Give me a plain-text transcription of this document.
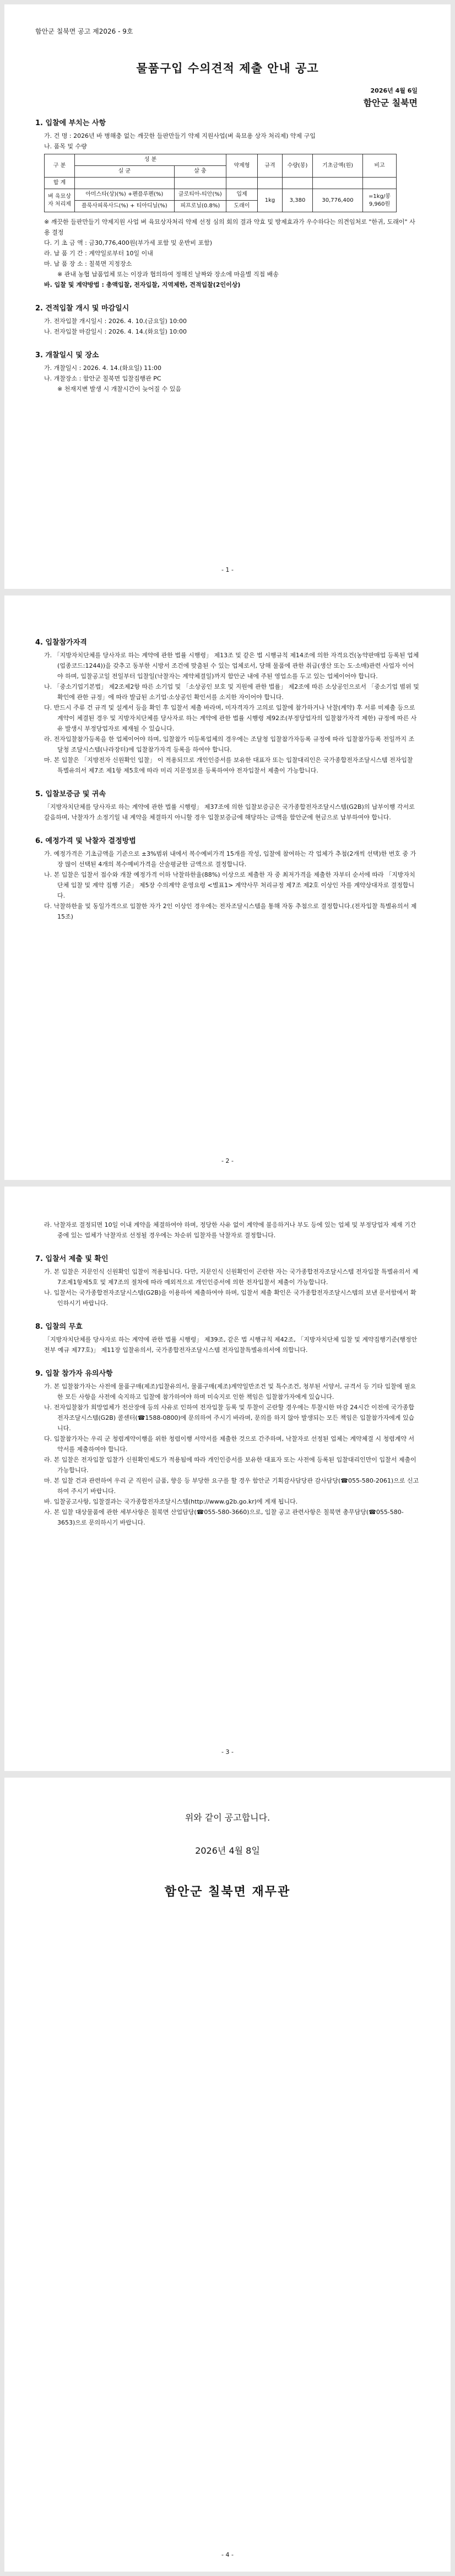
함안군 칠북면 공고 제2026 - 9호
물품구입 수의견적 제출 안내 공고
2026년 4월 6일
함안군 칠북면
1. 입찰에 부치는 사항

가. 건 명 : 2026년 바 병해충 없는 깨끗한 들판만들기 약제 지원사업(벼 육묘용 상자 처리제) 약제 구입

나. 품목 및 수량

구 분	성 분		약제형	규격	수량(봉)	기초금액(원)	비고
	실 균	살 충					
합 계							
벼 육묘상자 처리제	아미스타(상)(%) +펜플루펜(%)	클로티아-티안(%)	입제	1kg	3,380	30,776,400	=1kg/봉 9,960원
	플룩사피록사드(%) + 티아디닐(%)	피프로닐(0.8%)	도래이				

※ 깨끗한 들판만들기 약제지원 사업 벼 육묘상자처리 약제 선정 심의 회의 결과 약효 및 방제효과가 우수하다는 의견임처로 "한귀, 도래이" 사용 결정

다. 기 초 금 액 : 금30,776,400원(부가세 포함 및 운반비 포함)

라. 납 품 기 간 : 계약일로부터 10일 이내

마. 납 품 장 소 : 칠북면 지정장소

※ 관내 농협 납품업체 또는 이장과 협의하여 정해진 날짜와 장소에 마을별 직접 배송

바. 입찰 및 계약방법 : 총액입찰, 전자입찰, 지역제한, 견적입찰(2인이상)

2. 견적입찰 개시 및 마감일시

가. 전자입찰 개시일시 : 2026. 4. 10.(금요일) 10:00

나. 전자입찰 마감일시 : 2026. 4. 14.(화요일) 10:00

3. 개찰일시 및 장소

가. 개찰일시 : 2026. 4. 14.(화요일) 11:00

나. 개찰장소 : 함안군 칠북면 입찰집행관 PC

※ 천재지변 발생 시 개찰시간이 늦어질 수 있음

- 1 -
4. 입찰참가자격

가. 「지방자치단체를 당사자로 하는 계약에 관한 법률 시행령」 제13조 및 같은 법 시행규칙 제14조에 의한 자격요건(농약판매업 등록된 업체(업종코드:1244))을 갖추고 동부한 시방서 조건에 맞춤된 수 있는 업체로서, 당해 물품에 관한 취급(생산 또는 도·소매)관련 사업자 이어야 하며, 입찰공고일 전일부터 입찰일(낙찰자는 계약체결일)까지 함안군 내에 주된 영업소를 두고 있는 업체이어야 합니다.

나. 「중소기업기본법」 제2조제2항 따른 소기업 및 「소상공인 보호 및 지원에 관한 법률」 제2조에 따른 소상공인으로서 「중소기업 범위 및 확인에 관한 규정」에 따라 발급된 소기업·소상공인 확인서를 소지한 자이어야 합니다.

다. 반드시 주류 건 규격 및 설계서 등을 확인 후 입찰서 제출 바라며, 미자격자가 고의로 입찰에 참가하거나 낙찰(계약) 후 서류 미제출 등으로 계약이 체결된 경우 및 지방자치단체를 당사자로 하는 계약에 관한 법률 시행령 제92조(부정당업자의 입찰참가자격 제한) 규정에 따른 사유 발생시 부정당업자로 제재될 수 있습니다.

라. 전자입찰참가등록을 한 업체이어야 하며, 입찰참가 미등록업체의 경우에는 조달청 입찰참가자등록 규정에 따라 입찰참가등록 전일까지 조달청 조달시스템(나라장터)에 입찰참가자격 등록을 하여야 합니다.

마. 본 입찰은 「지방전자 신원확인 입찰」 이 적용되므로 개인인증서를 보유한 대표자 또는 입찰대리인은 국가종합전자조달시스템 전자입찰 특별유의서 제7조 제1항 제5호에 따라 미리 지문정보를 등록하여야 전자입찰서 제출이 가능합니다.

5. 입찰보증금 및 귀속

「지방자치단체를 당사자로 하는 계약에 관한 법률 시행령」 제37조에 의한 입찰보증금은 국가종합전자조달시스템(G2B)의 납부이행 각서로 갈음하며, 낙찰자가 소정기일 내 계약을 체결하지 아니할 경우 입찰보증금에 해당하는 금액을 함안군에 현금으로 납부하여야 합니다.

6. 예정가격 및 낙찰자 결정방법

가. 예정가격은 기초금액을 기준으로 ±3%범위 내에서 복수예비가격 15개를 작성, 입찰에 참여하는 각 업체가 추첨(2개씩 선택)한 번호 중 가장 많이 선택된 4개의 복수예비가격을 산술평균한 금액으로 결정합니다.

나. 본 입찰은 입찰서 접수와 개찰 예정가격 이하 낙찰하한율(88%) 이상으로 제출한 자 중 최저가격을 제출한 자부터 순서에 따라 「지방자치단체 입찰 및 계약 집행 기준」 제5장 수의계약 운영요령 <별표1> 계약사무 처리규정 제7조 제2호 이상인 자를 계약상대자로 결정합니다.

다. 낙찰하한율 및 동일가격으로 입찰한 자가 2인 이상인 경우에는 전자조달시스템을 통해 자동 추첨으로 결정합니다.(전자입찰 특별유의서 제15조)

- 2 -

라. 낙찰자로 결정되면 10일 이내 계약을 체결하여야 하며, 정당한 사유 없이 계약에 불응하거나 부도 등에 있는 업체 및 부정당업자 제재 기간 중에 있는 업체가 낙찰자로 선정될 경우에는 차순위 입찰자를 낙찰자로 결정합니다.

7. 입찰서 제출 및 확인

가. 본 입찰은 지문인식 신원확인 입찰이 적용됩니다. 다만, 지문인식 신원확인이 곤란한 자는 국가종합전자조달시스템 전자입찰 특별유의서 제7조제1항제5호 및 제7조의 절차에 따라 예외적으로 개인인증서에 의한 전자입찰서 제출이 가능합니다.

나. 입찰서는 국가종합전자조달시스템(G2B)을 이용하여 제출하여야 하며, 입찰서 제출 확인은 국가종합전자조달시스템의 보낸 문서함에서 확인하시기 바랍니다.

8. 입찰의 무효

「지방자치단체를 당사자로 하는 계약에 관한 법률 시행령」 제39조, 같은 법 시행규칙 제42조, 「지방자치단체 입찰 및 계약집행기준(행정안전부 예규 제77호)」 제11장 입찰유의서, 국가종합전자조달시스템 전자입찰특별유의서에 의합니다.

9. 입찰 참가자 유의사항

가. 본 입찰참가자는 사전에 물품구매(제조)입찰유의서, 물품구매(제조)계약일반조건 및 특수조건, 청부된 서양서, 규격서 등 기타 입찰에 필요한 모든 사항을 사전에 숙지하고 입찰에 참가하여야 하며 미숙지로 인한 책임은 입찰참가자에게 있습니다.

나. 전자입찰참가 희망업체가 전산장애 등의 사유로 인하여 전자입찰 등록 및 투찰이 곤란할 경우에는 투찰시한 마감 24시간 이전에 국가종합전자조달시스템(G2B) 콜센터(☎1588-0800)에 문의하여 주시기 바라며, 문의를 하지 않아 발생되는 모든 책임은 입찰참가자에게 있습니다.

다. 입찰참가자는 우리 군 청렴계약이행을 위한 청렴이행 서약서를 제출한 것으로 간주하며, 낙찰자로 선정된 업체는 계약체결 시 청렴계약 서약서를 제출하여야 합니다.

라. 본 입찰은 전자입찰 입찰가 신원확인제도가 적용됨에 따라 개인인증서를 보유한 대표자 또는 사전에 등록된 입찰대리인만이 입찰서 제출이 가능합니다.

마. 본 입찰 건과 관련하여 우리 군 직원이 금품, 향응 등 부당한 요구를 할 경우 함안군 기획감사담당관 감사담당(☎055-580-2061)으로 신고하여 주시기 바랍니다.

바. 입찰공고사항, 입찰결과는 국가종합전자조달시스템(http://www.g2b.go.kr)에 게재 됩니다.

사. 본 입찰 대상물품에 관한 세부사항은 칠북면 산업담당(☎055-580-3660)으로, 입찰 공고 관련사항은 칠북면 총무담당(☎055-580-3653)으로 문의하시기 바랍니다.

- 3 -
위와 같이 공고합니다.
2026년 4월 8일
함안군 칠북면 재무관
- 4 -
